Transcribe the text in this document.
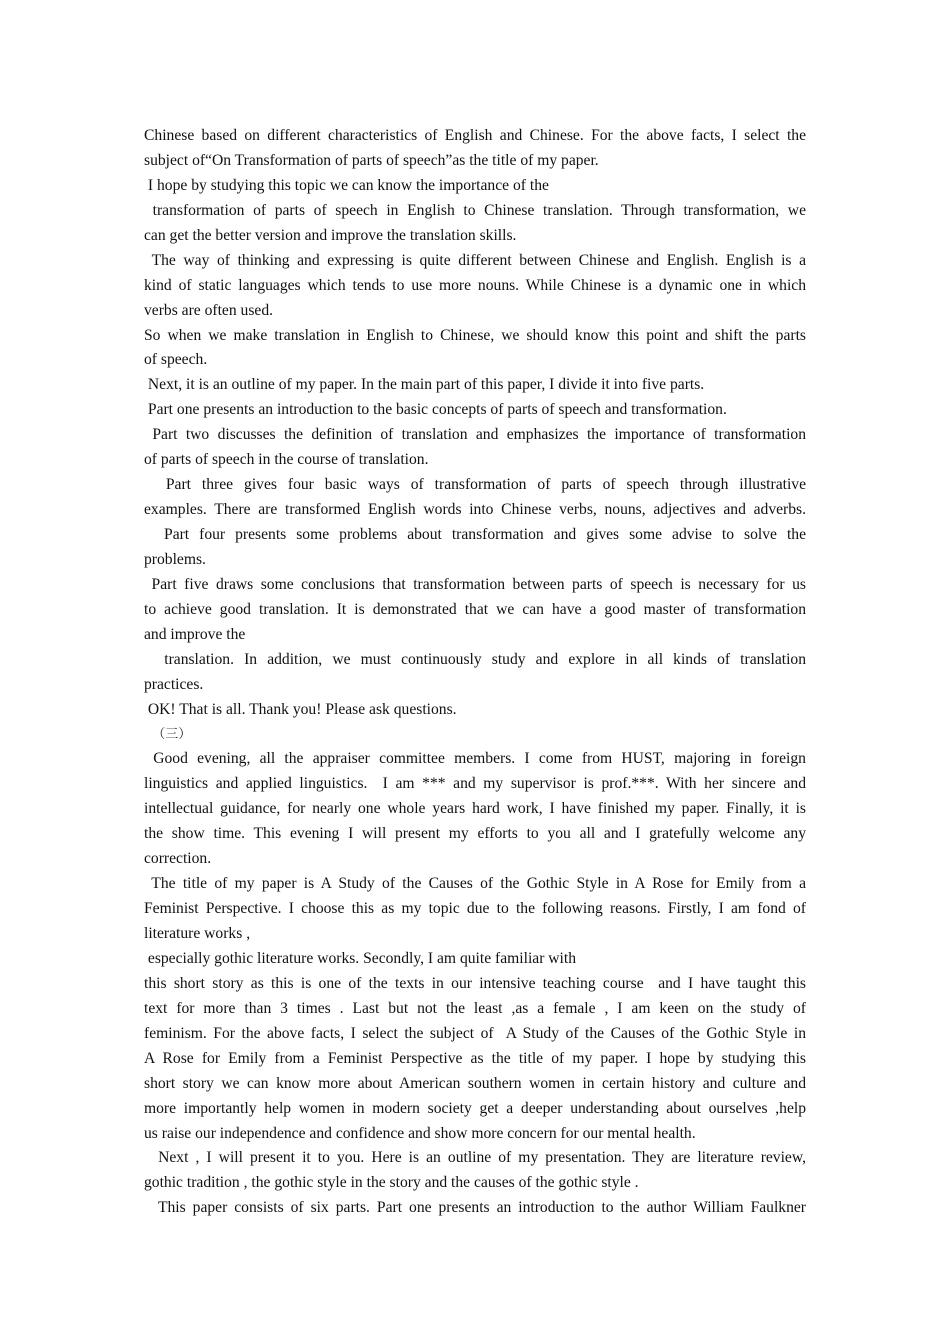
Chinese based on different characteristics of English and Chinese. For the above facts, I select the
subject of“On Transformation of parts of speech”as the title of my paper.
I hope by studying this topic we can know the importance of the
transformation of parts of speech in English to Chinese translation. Through transformation, we
can get the better version and improve the translation skills.
The way of thinking and expressing is quite different between Chinese and English. English is a
kind of static languages which tends to use more nouns. While Chinese is a dynamic one in which
verbs are often used.
So when we make translation in English to Chinese, we should know this point and shift the parts
of speech.
Next, it is an outline of my paper. In the main part of this paper, I divide it into five parts.
Part one presents an introduction to the basic concepts of parts of speech and transformation.
Part two discusses the definition of translation and emphasizes the importance of transformation
of parts of speech in the course of translation.
Part three gives four basic ways of transformation of parts of speech through illustrative
examples. There are transformed English words into Chinese verbs, nouns, adjectives and adverbs.
Part four presents some problems about transformation and gives some advise to solve the
problems.
Part five draws some conclusions that transformation between parts of speech is necessary for us
to achieve good translation. It is demonstrated that we can have a good master of transformation
and improve the
translation. In addition, we must continuously study and explore in all kinds of translation
practices.
OK! That is all. Thank you! Please ask questions.
（三）
Good evening, all the appraiser committee members. I come from HUST, majoring in foreign
linguistics and applied linguistics.  I am *** and my supervisor is prof.***. With her sincere and
intellectual guidance, for nearly one whole years hard work, I have finished my paper. Finally, it is
the show time. This evening I will present my efforts to you all and I gratefully welcome any
correction.
The title of my paper is A Study of the Causes of the Gothic Style in A Rose for Emily from a
Feminist Perspective. I choose this as my topic due to the following reasons. Firstly, I am fond of
literature works ,
especially gothic literature works. Secondly, I am quite familiar with
this short story as this is one of the texts in our intensive teaching course  and I have taught this
text for more than 3 times . Last but not the least ,as a female , I am keen on the study of
feminism. For the above facts, I select the subject of  A Study of the Causes of the Gothic Style in
A Rose for Emily from a Feminist Perspective as the title of my paper. I hope by studying this
short story we can know more about American southern women in certain history and culture and
more importantly help women in modern society get a deeper understanding about ourselves ,help
us raise our independence and confidence and show more concern for our mental health.
Next , I will present it to you. Here is an outline of my presentation. They are literature review,
gothic tradition , the gothic style in the story and the causes of the gothic style .
This paper consists of six parts. Part one presents an introduction to the author William Faulkner
